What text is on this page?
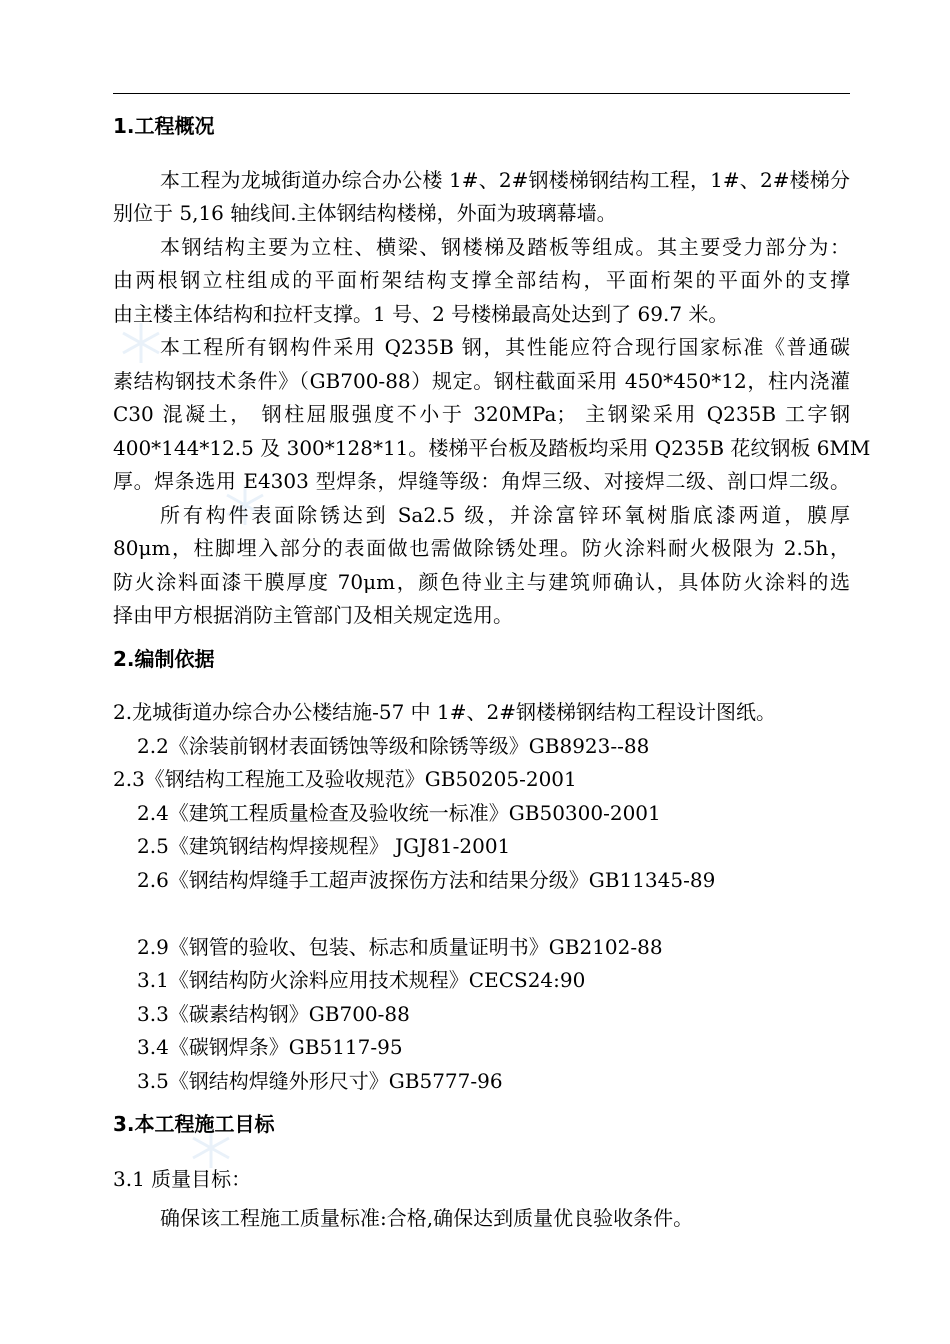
1.工程概况
本工程为龙城街道办综合办公楼 1#、2#钢楼梯钢结构工程，1#、2#楼梯分
别位于 5,16 轴线间.主体钢结构楼梯，外面为玻璃幕墙。
本钢结构主要为立柱、横梁、钢楼梯及踏板等组成。其主要受力部分为：
由两根钢立柱组成的平面桁架结构支撑全部结构，平面桁架的平面外的支撑
由主楼主体结构和拉杆支撑。1 号、2 号楼梯最高处达到了 69.7 米。
本工程所有钢构件采用 Q235B 钢，其性能应符合现行国家标准《普通碳
素结构钢技术条件》（GB700-88）规定。钢柱截面采用 450*450*12，柱内浇灌
C30 混凝土， 钢柱屈服强度不小于 320MPa； 主钢梁采用 Q235B 工字钢
400*144*12.5 及 300*128*11。楼梯平台板及踏板均采用 Q235B 花纹钢板 6MM
厚。焊条选用 E4303 型焊条，焊缝等级：角焊三级、对接焊二级、剖口焊二级。
所有构件表面除锈达到 Sa2.5 级，并涂富锌环氧树脂底漆两道，膜厚
80μm，柱脚埋入部分的表面做也需做除锈处理。防火涂料耐火极限为 2.5h，
防火涂料面漆干膜厚度 70μm，颜色待业主与建筑师确认，具体防火涂料的选
择由甲方根据消防主管部门及相关规定选用。
2.编制依据
2.龙城街道办综合办公楼结施-57 中 1#、2#钢楼梯钢结构工程设计图纸。
2.2《涂装前钢材表面锈蚀等级和除锈等级》GB8923--88
2.3《钢结构工程施工及验收规范》GB50205-2001
2.4《建筑工程质量检查及验收统一标准》GB50300-2001
2.5《建筑钢结构焊接规程》 JGJ81-2001
2.6《钢结构焊缝手工超声波探伤方法和结果分级》GB11345-89
2.9《钢管的验收、包装、标志和质量证明书》GB2102-88
3.1《钢结构防火涂料应用技术规程》CECS24:90
3.3《碳素结构钢》GB700-88
3.4《碳钢焊条》GB5117-95
3.5《钢结构焊缝外形尺寸》GB5777-96
3.本工程施工目标
3.1 质量目标：
确保该工程施工质量标准:合格,确保达到质量优良验收条件。
